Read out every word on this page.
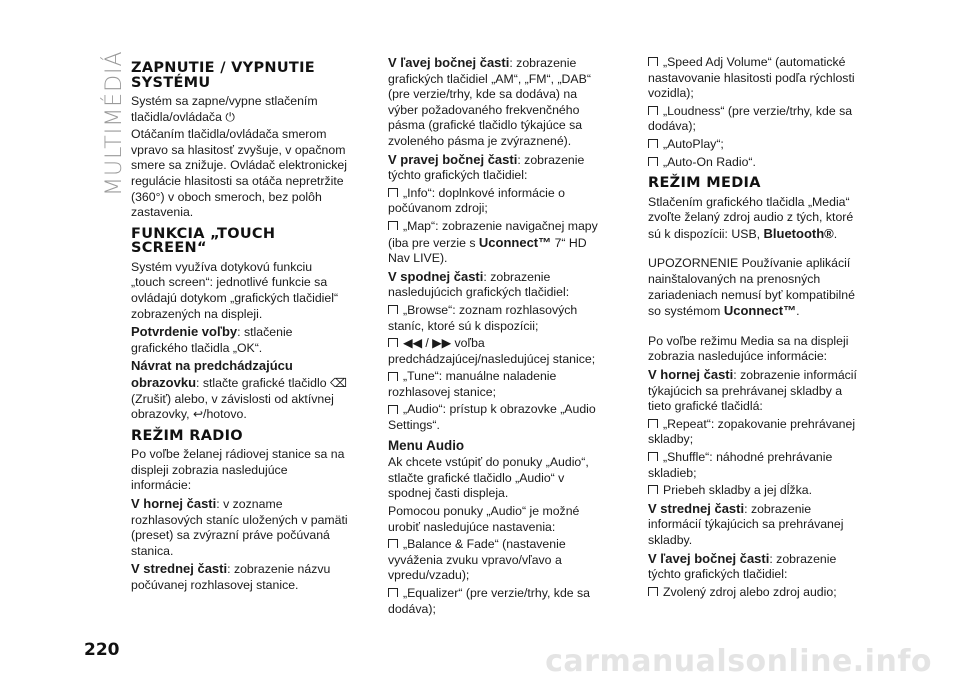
MULTIMÉDIÁ ZAPNUTIE / VYPNUTIE SYSTÉMU

Systém sa zapne/vypne stlačením tlačidla/ovládača ⏻

Otáčaním tlačidla/ovládača smerom vpravo sa hlasitosť zvyšuje, v opačnom smere sa znižuje. Ovládač elektronickej regulácie hlasitosti sa otáča nepretržite (360°) v oboch smeroch, bez polôh zastavenia.

FUNKCIA „TOUCH SCREEN“

Systém využíva dotykovú funkciu „touch screen“: jednotlivé funkcie sa ovládajú dotykom „grafických tlačidiel“ zobrazených na displeji.

Potvrdenie voľby: stlačenie grafického tlačidla „OK“.

Návrat na predchádzajúcu obrazovku: stlačte grafické tlačidlo ⌫ (Zrušiť) alebo, v závislosti od aktívnej obrazovky, ↩/hotovo.

REŽIM RADIO

Po voľbe želanej rádiovej stanice sa na displeji zobrazia nasledujúce informácie:

V hornej časti: v zozname rozhlasových staníc uložených v pamäti (preset) sa zvýrazní práve počúvaná stanica.

V strednej časti: zobrazenie názvu počúvanej rozhlasovej stanice.

V ľavej bočnej časti: zobrazenie grafických tlačidiel „AM“, „FM“, „DAB“ (pre verzie/trhy, kde sa dodáva) na výber požadovaného frekvenčného pásma (grafické tlačidlo týkajúce sa zvoleného pásma je zvýraznené).

V pravej bočnej časti: zobrazenie týchto grafických tlačidiel:

„Info“: doplnkové informácie o počúvanom zdroji;

„Map“: zobrazenie navigačnej mapy (iba pre verzie s Uconnect™ 7“ HD Nav LIVE).

V spodnej časti: zobrazenie nasledujúcich grafických tlačidiel:

„Browse“: zoznam rozhlasových staníc, ktoré sú k dispozícii;

◀◀ / ▶▶ voľba predchádzajúcej/nasledujúcej stanice;

„Tune“: manuálne naladenie rozhlasovej stanice;

„Audio“: prístup k obrazovke „Audio Settings“.

Menu Audio

Ak chcete vstúpiť do ponuky „Audio“, stlačte grafické tlačidlo „Audio“ v spodnej časti displeja.

Pomocou ponuky „Audio“ je možné urobiť nasledujúce nastavenia:

„Balance & Fade“ (nastavenie vyváženia zvuku vpravo/vľavo a vpredu/vzadu);

„Equalizer“ (pre verzie/trhy, kde sa dodáva);

„Speed Adj Volume“ (automatické nastavovanie hlasitosti podľa rýchlosti vozidla);

„Loudness“ (pre verzie/trhy, kde sa dodáva);

„AutoPlay“;

„Auto-On Radio“.

REŽIM MEDIA

Stlačením grafického tlačidla „Media“ zvoľte želaný zdroj audio z tých, ktoré sú k dispozícii: USB, Bluetooth®.

UPOZORNENIE Používanie aplikácií nainštalovaných na prenosných zariadeniach nemusí byť kompatibilné so systémom Uconnect™.

Po voľbe režimu Media sa na displeji zobrazia nasledujúce informácie:

V hornej časti: zobrazenie informácií týkajúcich sa prehrávanej skladby a tieto grafické tlačidlá:

„Repeat“: zopakovanie prehrávanej skladby;

„Shuffle“: náhodné prehrávanie skladieb;

Priebeh skladby a jej dĺžka.

V strednej časti: zobrazenie informácií týkajúcich sa prehrávanej skladby.

V ľavej bočnej časti: zobrazenie týchto grafických tlačidiel:

Zvolený zdroj alebo zdroj audio;

220	carmanualsonline.info
